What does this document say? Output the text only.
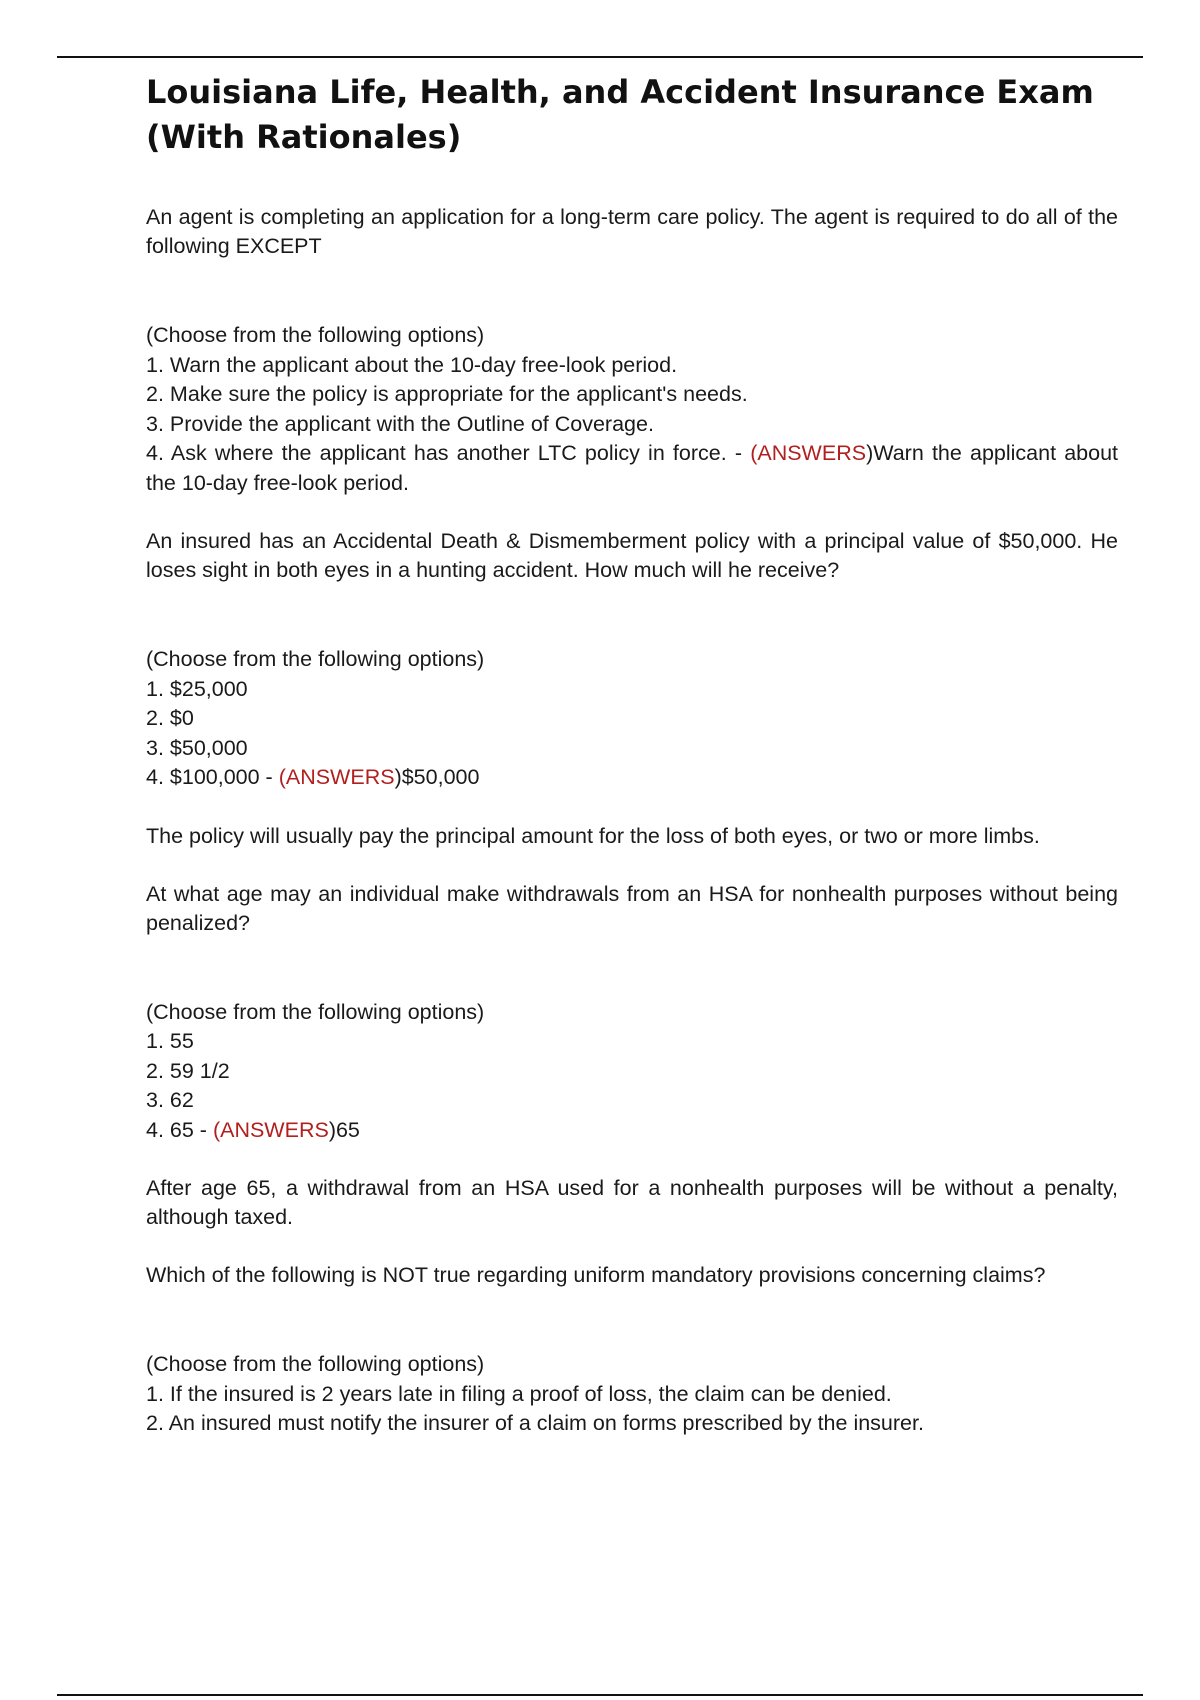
Louisiana Life, Health, and Accident Insurance Exam (With Rationales)

An agent is completing an application for a long-term care policy. The agent is required to do all of the following EXCEPT

(Choose from the following options)
1. Warn the applicant about the 10-day free-look period.
2. Make sure the policy is appropriate for the applicant's needs.
3. Provide the applicant with the Outline of Coverage.
4. Ask where the applicant has another LTC policy in force. - (ANSWERS)Warn the applicant about the 10-day free-look period.

An insured has an Accidental Death & Dismemberment policy with a principal value of $50,000. He loses sight in both eyes in a hunting accident. How much will he receive?

(Choose from the following options)
1. $25,000
2. $0
3. $50,000
4. $100,000 - (ANSWERS)$50,000

The policy will usually pay the principal amount for the loss of both eyes, or two or more limbs.

At what age may an individual make withdrawals from an HSA for nonhealth purposes without being penalized?

(Choose from the following options)
1. 55
2. 59 1/2
3. 62
4. 65 - (ANSWERS)65

After age 65, a withdrawal from an HSA used for a nonhealth purposes will be without a penalty, although taxed.

Which of the following is NOT true regarding uniform mandatory provisions concerning claims?

(Choose from the following options)
1. If the insured is 2 years late in filing a proof of loss, the claim can be denied.
2. An insured must notify the insurer of a claim on forms prescribed by the insurer.
